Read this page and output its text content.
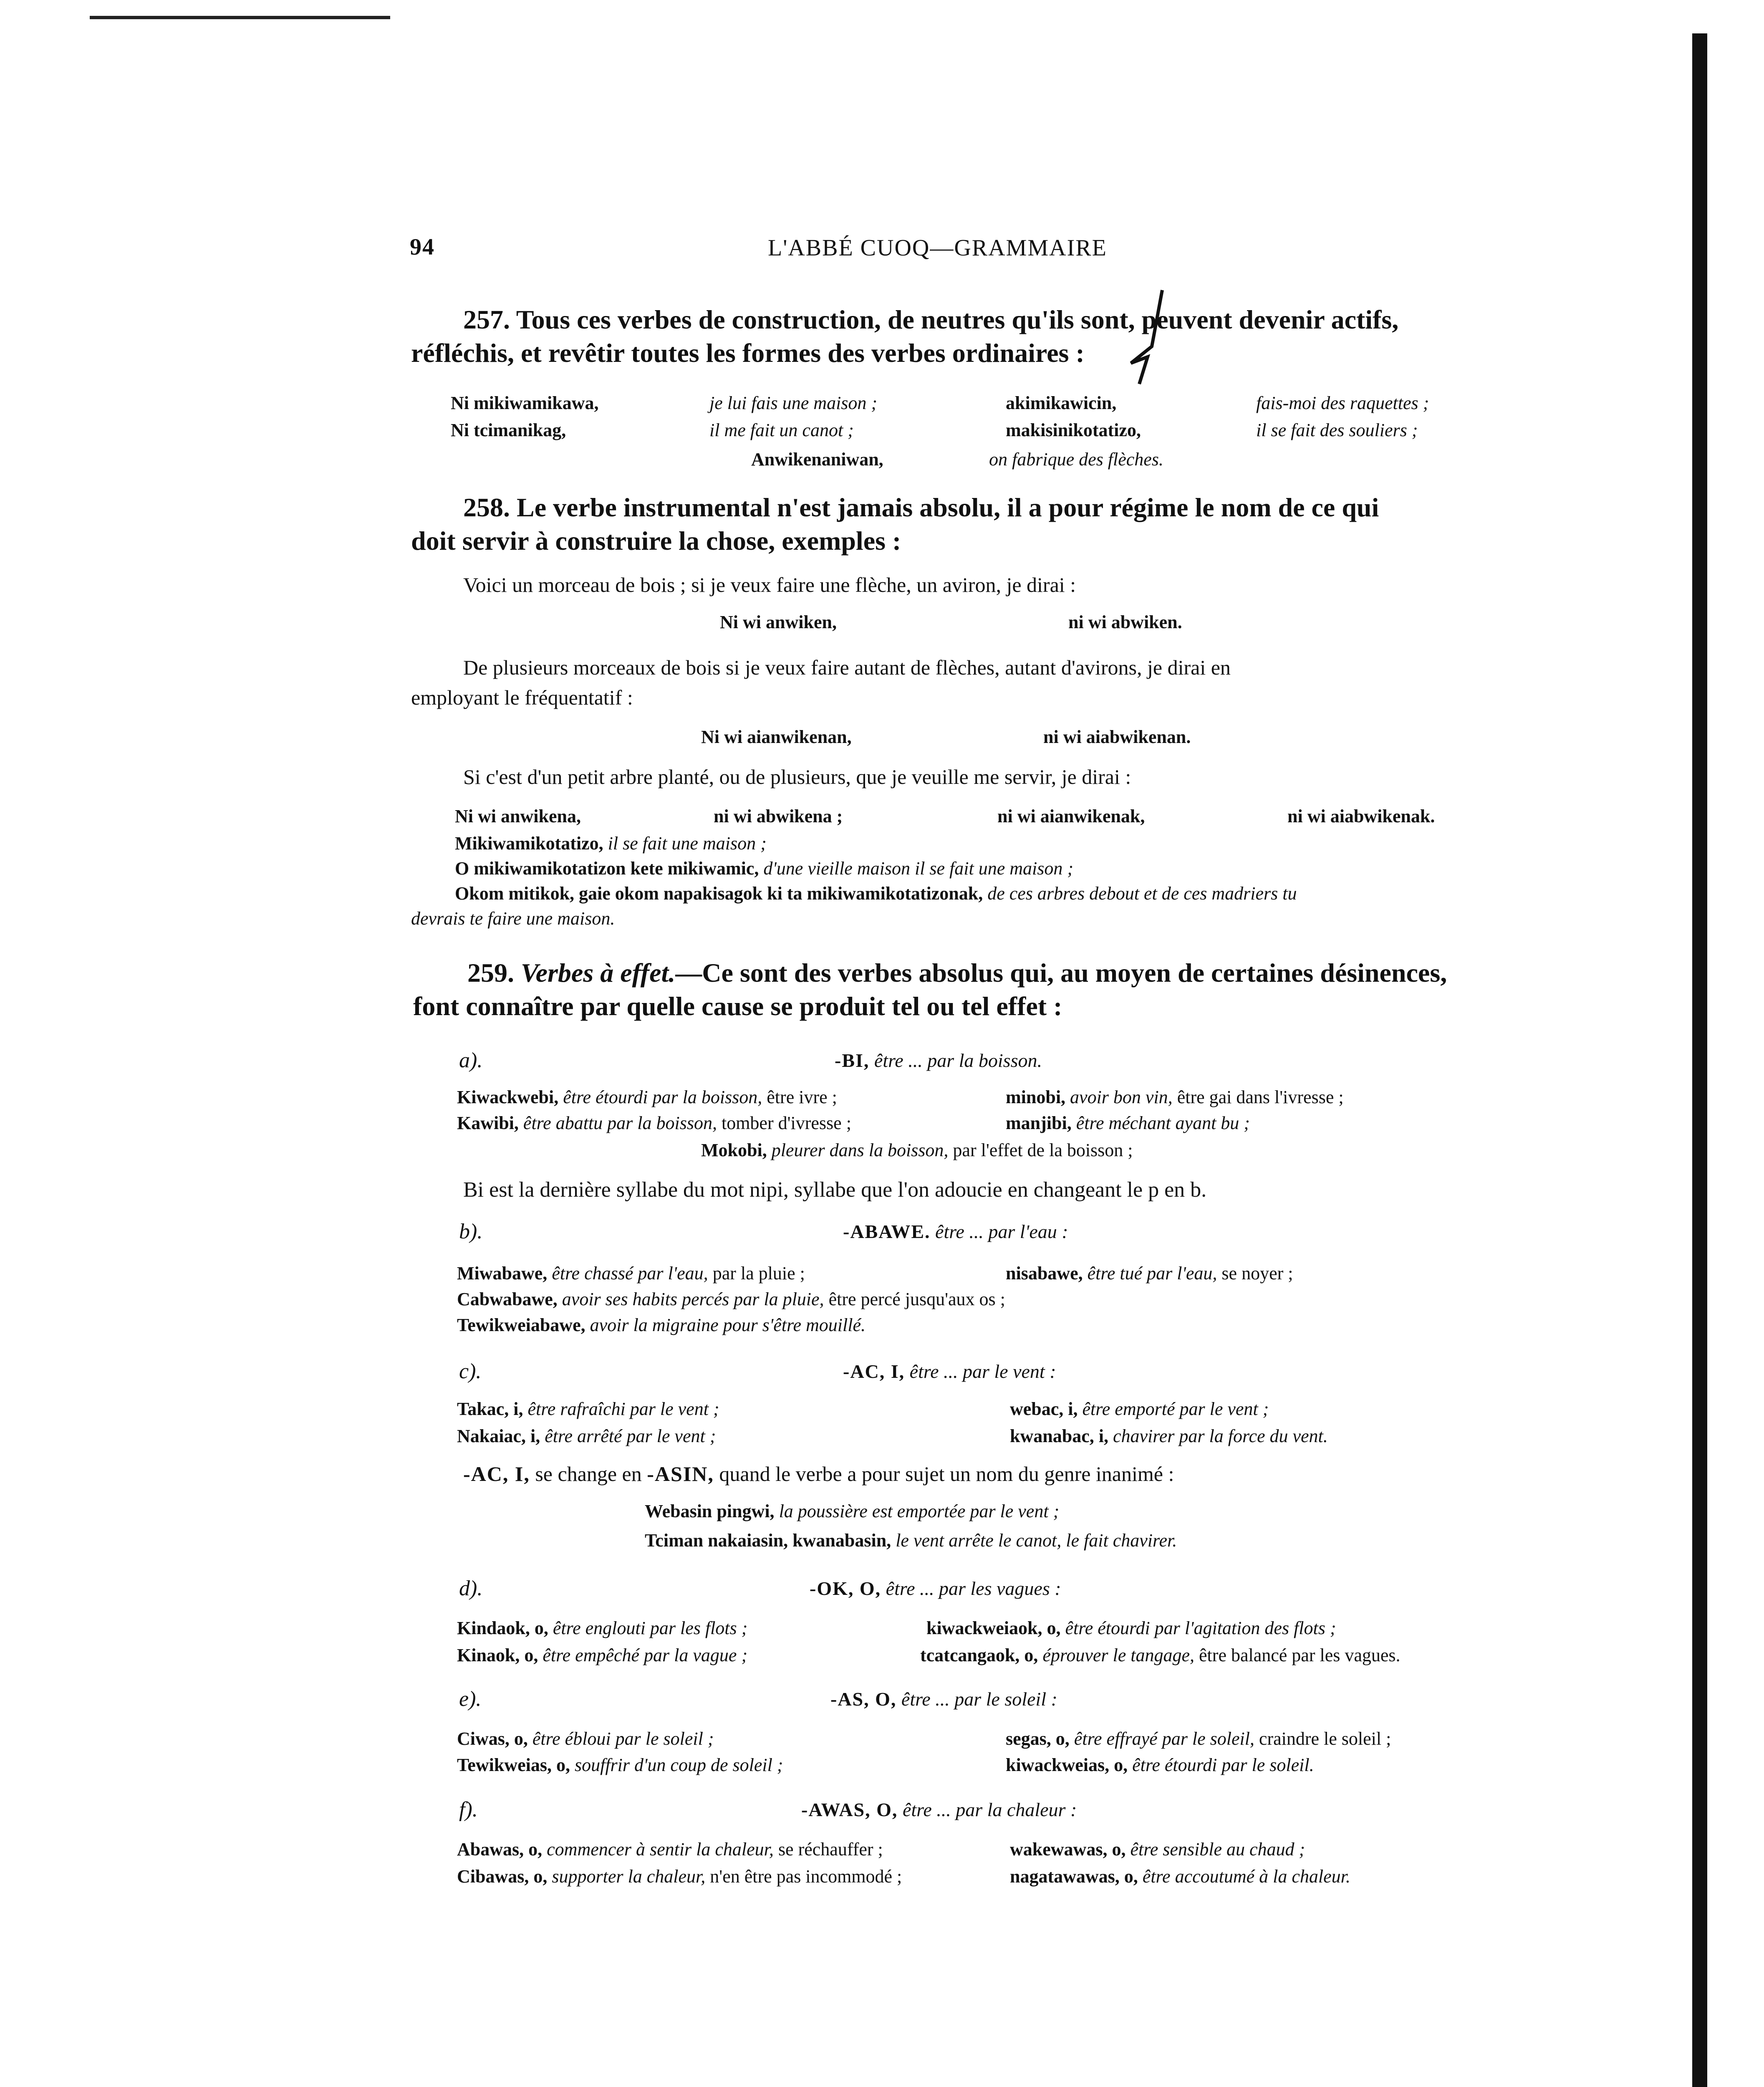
94	L'ABBÉ CUOQ—GRAMMAIRE
257. Tous ces verbes de construction, de neutres qu'ils sont, peuvent devenir actifs,
réfléchis, et revêtir toutes les formes des verbes ordinaires :
Ni mikiwamikawa,	je lui fais une maison ;	akimikawicin,	fais-moi des raquettes ;
Ni tcimanikag,	il me fait un canot ;	makisinikotatizo,	il se fait des souliers ;
Anwikenaniwan,	on fabrique des flèches.
258. Le verbe instrumental n'est jamais absolu, il a pour régime le nom de ce qui
doit servir à construire la chose, exemples :
Voici un morceau de bois ; si je veux faire une flèche, un aviron, je dirai :
Ni wi anwiken,	ni wi abwiken.
De plusieurs morceaux de bois si je veux faire autant de flèches, autant d'avirons, je dirai en
employant le fréquentatif :
Ni wi aianwikenan,	ni wi aiabwikenan.
Si c'est d'un petit arbre planté, ou de plusieurs, que je veuille me servir, je dirai :
Ni wi anwikena,	ni wi abwikena ;	ni wi aianwikenak,	ni wi aiabwikenak.
Mikiwamikotatizo, il se fait une maison ;
O mikiwamikotatizon kete mikiwamic, d'une vieille maison il se fait une maison ;
Okom mitikok, gaie okom napakisagok ki ta mikiwamikotatizonak, de ces arbres debout et de ces madriers tu
devrais te faire une maison.
259. Verbes à effet.—Ce sont des verbes absolus qui, au moyen de certaines désinences,
font connaître par quelle cause se produit tel ou tel effet :
a).	-BI, être ... par la boisson.
Kiwackwebi, être étourdi par la boisson, être ivre ;	minobi, avoir bon vin, être gai dans l'ivresse ;
Kawibi, être abattu par la boisson, tomber d'ivresse ;	manjibi, être méchant ayant bu ;
Mokobi, pleurer dans la boisson, par l'effet de la boisson ;
Bi est la dernière syllabe du mot nipi, syllabe que l'on adoucie en changeant le p en b.
b).	-ABAWE. être ... par l'eau :
Miwabawe, être chassé par l'eau, par la pluie ;	nisabawe, être tué par l'eau, se noyer ;
Cabwabawe, avoir ses habits percés par la pluie, être percé jusqu'aux os ;
Tewikweiabawe, avoir la migraine pour s'être mouillé.
c).	-AC, I, être ... par le vent :
Takac, i, être rafraîchi par le vent ;	webac, i, être emporté par le vent ;
Nakaiac, i, être arrêté par le vent ;	kwanabac, i, chavirer par la force du vent.
-AC, I, se change en -ASIN, quand le verbe a pour sujet un nom du genre inanimé :
Webasin pingwi, la poussière est emportée par le vent ;
Tciman nakaiasin, kwanabasin, le vent arrête le canot, le fait chavirer.
d).	-OK, O, être ... par les vagues :
Kindaok, o, être englouti par les flots ;	kiwackweiaok, o, être étourdi par l'agitation des flots ;
Kinaok, o, être empêché par la vague ;	tcatcangaok, o, éprouver le tangage, être balancé par les vagues.
e).	-AS, O, être ... par le soleil :
Ciwas, o, être ébloui par le soleil ;	segas, o, être effrayé par le soleil, craindre le soleil ;
Tewikweias, o, souffrir d'un coup de soleil ;	kiwackweias, o, être étourdi par le soleil.
f).	-AWAS, O, être ... par la chaleur :
Abawas, o, commencer à sentir la chaleur, se réchauffer ;	wakewawas, o, être sensible au chaud ;
Cibawas, o, supporter la chaleur, n'en être pas incommodé ;	nagatawawas, o, être accoutumé à la chaleur.
